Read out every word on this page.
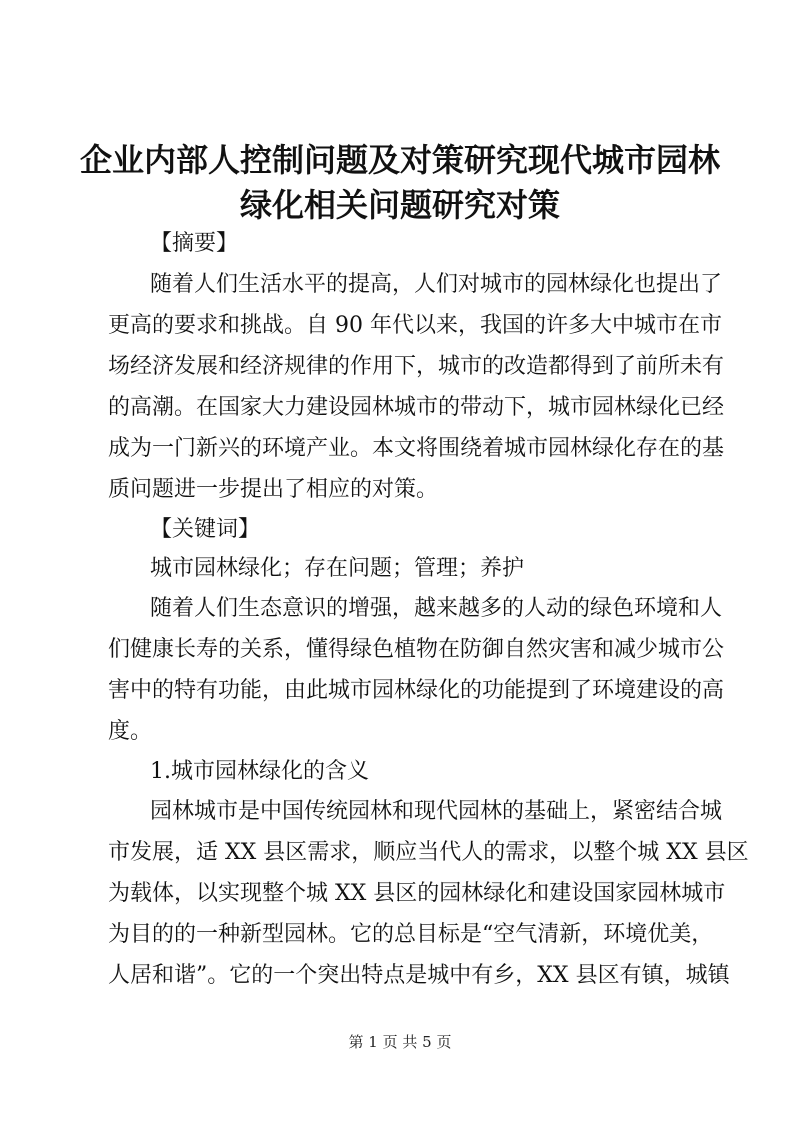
企业内部人控制问题及对策研究现代城市园林
绿化相关问题研究对策
【摘要】
随着人们生活水平的提高，人们对城市的园林绿化也提出了
更高的要求和挑战。自 90 年代以来，我国的许多大中城市在市
场经济发展和经济规律的作用下，城市的改造都得到了前所未有
的高潮。在国家大力建设园林城市的带动下，城市园林绿化已经
成为一门新兴的环境产业。本文将围绕着城市园林绿化存在的基
质问题进一步提出了相应的对策。
【关键词】
城市园林绿化；存在问题；管理；养护
随着人们生态意识的增强，越来越多的人动的绿色环境和人
们健康长寿的关系，懂得绿色植物在防御自然灾害和减少城市公
害中的特有功能，由此城市园林绿化的功能提到了环境建设的高
度。
1.城市园林绿化的含义
园林城市是中国传统园林和现代园林的基础上，紧密结合城
市发展，适 XX 县区需求，顺应当代人的需求，以整个城 XX 县区
为载体，以实现整个城 XX 县区的园林绿化和建设国家园林城市
为目的的一种新型园林。它的总目标是“空气清新，环境优美，
人居和谐”。它的一个突出特点是城中有乡，XX 县区有镇，城镇
第 1 页 共 5 页
